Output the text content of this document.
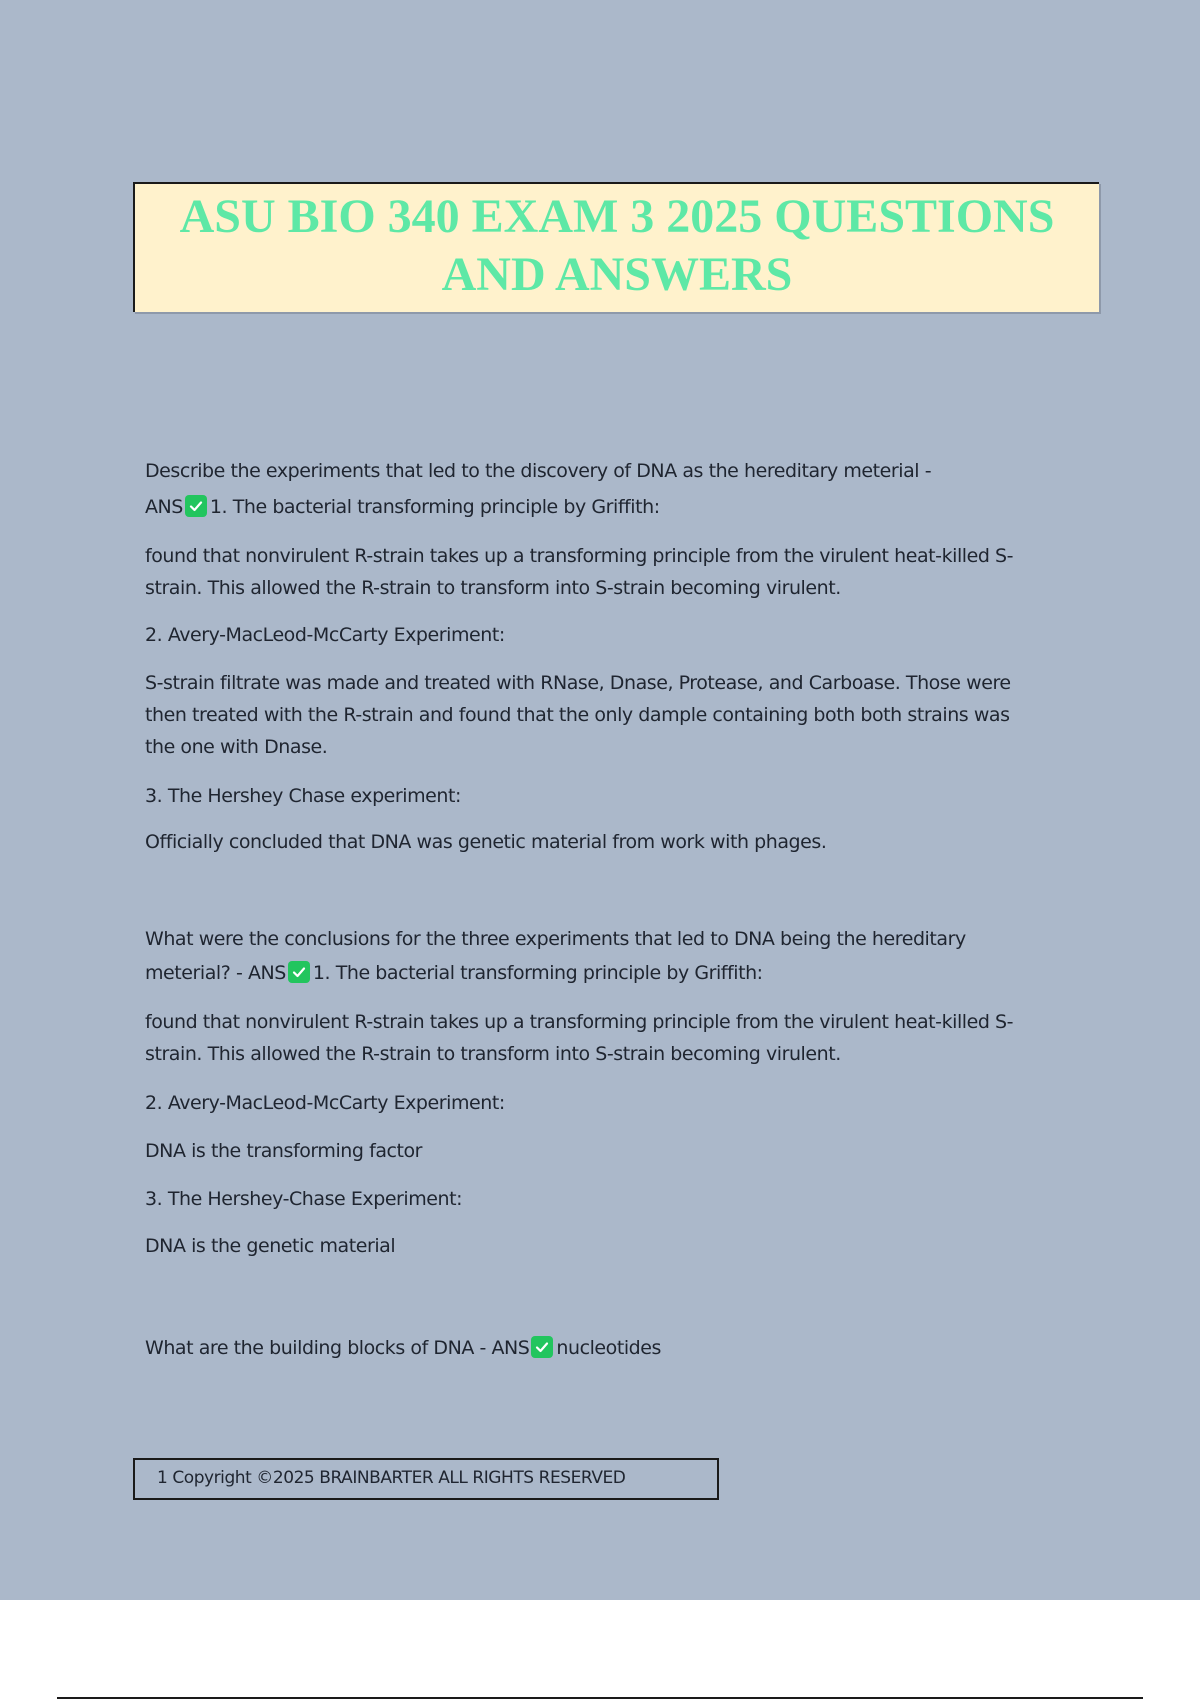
ASU BIO 340 EXAM 3 2025 QUESTIONS
AND ANSWERS

Describe the experiments that led to the discovery of DNA as the hereditary meterial -

ANS 1. The bacterial transforming principle by Griffith:

found that nonvirulent R-strain takes up a transforming principle from the virulent heat-killed S-

strain. This allowed the R-strain to transform into S-strain becoming virulent.

2. Avery-MacLeod-McCarty Experiment:

S-strain filtrate was made and treated with RNase, Dnase, Protease, and Carboase. Those were

then treated with the R-strain and found that the only dample containing both both strains was

the one with Dnase.

3. The Hershey Chase experiment:

Officially concluded that DNA was genetic material from work with phages.

What were the conclusions for the three experiments that led to DNA being the hereditary

meterial? - ANS 1. The bacterial transforming principle by Griffith:

found that nonvirulent R-strain takes up a transforming principle from the virulent heat-killed S-

strain. This allowed the R-strain to transform into S-strain becoming virulent.

2. Avery-MacLeod-McCarty Experiment:

DNA is the transforming factor

3. The Hershey-Chase Experiment:

DNA is the genetic material

What are the building blocks of DNA - ANS nucleotides

1 Copyright ©2025 BRAINBARTER ALL RIGHTS RESERVED
